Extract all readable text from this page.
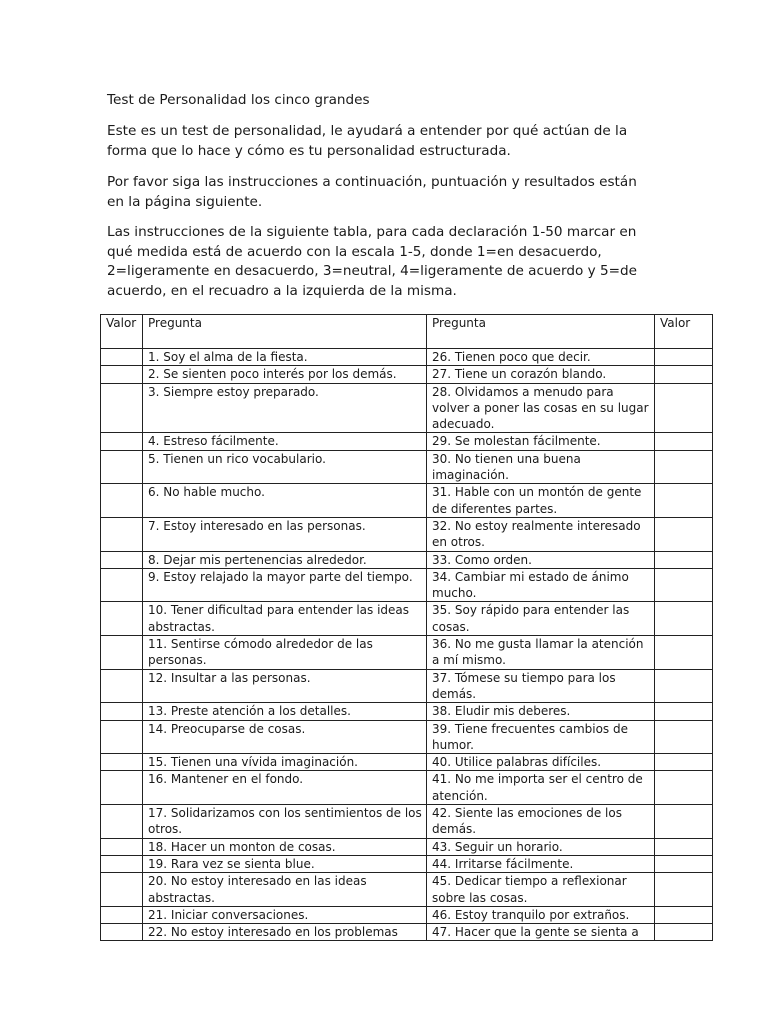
Test de Personalidad los cinco grandes

Este es un test de personalidad, le ayudará a entender por qué actúan de la forma que lo hace y cómo es tu personalidad estructurada.

Por favor siga las instrucciones a continuación, puntuación y resultados están en la página siguiente.

Las instrucciones de la siguiente tabla, para cada declaración 1-50 marcar en qué medida está de acuerdo con la escala 1-5, donde 1=en desacuerdo, 2=ligeramente en desacuerdo, 3=neutral, 4=ligeramente de acuerdo y 5=de acuerdo, en el recuadro a la izquierda de la misma.

Valor	Pregunta	Pregunta	Valor
	1. Soy el alma de la fiesta.	26. Tienen poco que decir.	
	2. Se sienten poco interés por los demás.	27. Tiene un corazón blando.	
	3. Siempre estoy preparado.	28. Olvidamos a menudo para volver a poner las cosas en su lugar adecuado.	
	4. Estreso fácilmente.	29. Se molestan fácilmente.	
	5. Tienen un rico vocabulario.	30. No tienen una buena imaginación.	
	6. No hable mucho.	31. Hable con un montón de gente de diferentes partes.	
	7. Estoy interesado en las personas.	32. No estoy realmente interesado en otros.	
	8. Dejar mis pertenencias alrededor.	33. Como orden.	
	9. Estoy relajado la mayor parte del tiempo.	34. Cambiar mi estado de ánimo mucho.	
	10. Tener dificultad para entender las ideas abstractas.	35. Soy rápido para entender las cosas.	
	11. Sentirse cómodo alrededor de las personas.	36. No me gusta llamar la atención a mí mismo.	
	12. Insultar a las personas.	37. Tómese su tiempo para los demás.	
	13. Preste atención a los detalles.	38. Eludir mis deberes.	
	14. Preocuparse de cosas.	39. Tiene frecuentes cambios de humor.	
	15. Tienen una vívida imaginación.	40. Utilice palabras difíciles.	
	16. Mantener en el fondo.	41. No me importa ser el centro de atención.	
	17. Solidarizamos con los sentimientos de los otros.	42. Siente las emociones de los demás.	
	18. Hacer un monton de cosas.	43. Seguir un horario.	
	19. Rara vez se sienta blue.	44. Irritarse fácilmente.	
	20. No estoy interesado en las ideas abstractas.	45. Dedicar tiempo a reflexionar sobre las cosas.	
	21. Iniciar conversaciones.	46. Estoy tranquilo por extraños.	
	22. No estoy interesado en los problemas	47. Hacer que la gente se sienta a	
